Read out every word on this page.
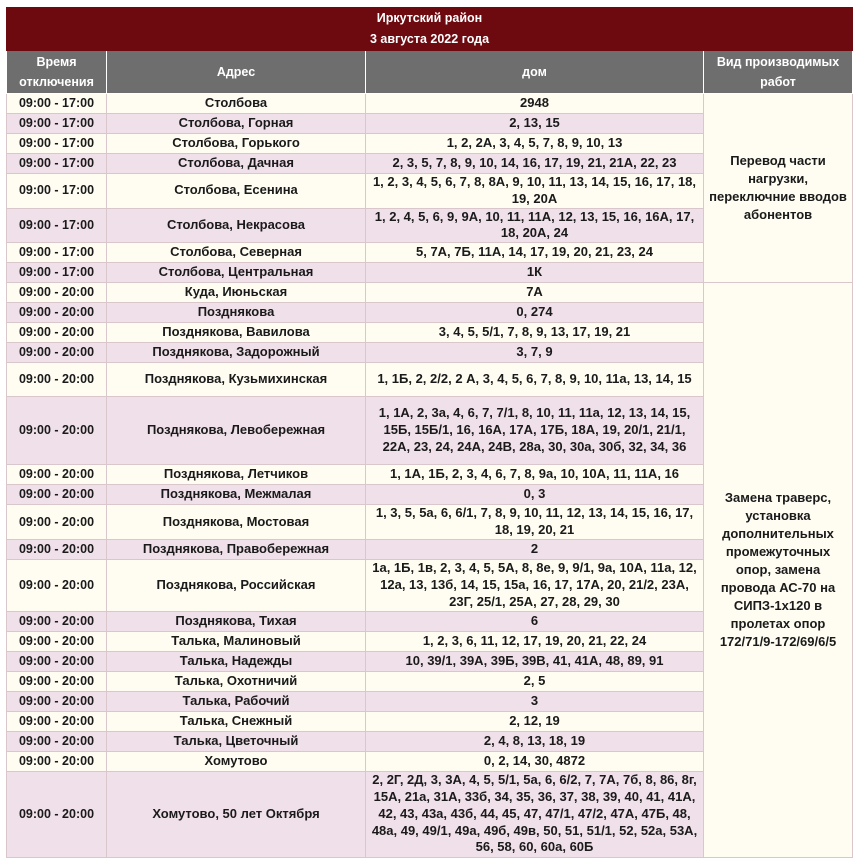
Иркутский район
3 августа 2022 года			

Время отключения	Адрес	дом	Вид производимых работ
09:00 - 17:00	Столбова	2948	Перевод части нагрузки, переключние вводов абонентов
09:00 - 17:00	Столбова, Горная	2, 13, 15	
09:00 - 17:00	Столбова, Горького	1, 2, 2А, 3, 4, 5, 7, 8, 9, 10, 13	
09:00 - 17:00	Столбова, Дачная	2, 3, 5, 7, 8, 9, 10, 14, 16, 17, 19, 21, 21А, 22, 23	
09:00 - 17:00	Столбова, Есенина	1, 2, 3, 4, 5, 6, 7, 8, 8А, 9, 10, 11, 13, 14, 15, 16, 17, 18, 19, 20А	
09:00 - 17:00	Столбова, Некрасова	1, 2, 4, 5, 6, 9, 9А, 10, 11, 11А, 12, 13, 15, 16, 16А, 17, 18, 20А, 24	
09:00 - 17:00	Столбова, Северная	5, 7А, 7Б, 11А, 14, 17, 19, 20, 21, 23, 24	
09:00 - 17:00	Столбова, Центральная	1К	
09:00 - 20:00	Куда, Июньская	7А	Замена траверс, установка дополнительных промежуточных опор, замена провода АС-70 на СИПЗ-1х120 в пролетах опор 172/71/9-172/69/6/5
09:00 - 20:00	Позднякова	0, 274	
09:00 - 20:00	Позднякова, Вавилова	3, 4, 5, 5/1, 7, 8, 9, 13, 17, 19, 21	
09:00 - 20:00	Позднякова, Задорожный	3, 7, 9	
09:00 - 20:00	Позднякова, Кузьмихинская	1, 1Б, 2, 2/2, 2 А, 3, 4, 5, 6, 7, 8, 9, 10, 11а, 13, 14, 15	
09:00 - 20:00	Позднякова, Левобережная	1, 1А, 2, 3а, 4, 6, 7, 7/1, 8, 10, 11, 11а, 12, 13, 14, 15, 15Б, 15Б/1, 16, 16А, 17А, 17Б, 18А, 19, 20/1, 21/1, 22А, 23, 24, 24А, 24В, 28а, 30, 30а, 30б, 32, 34, 36	
09:00 - 20:00	Позднякова, Летчиков	1, 1А, 1Б, 2, 3, 4, 6, 7, 8, 9а, 10, 10А, 11, 11А, 16	
09:00 - 20:00	Позднякова, Межмалая	0, 3	
09:00 - 20:00	Позднякова, Мостовая	1, 3, 5, 5а, 6, 6/1, 7, 8, 9, 10, 11, 12, 13, 14, 15, 16, 17, 18, 19, 20, 21	
09:00 - 20:00	Позднякова, Правобережная	2	
09:00 - 20:00	Позднякова, Российская	1а, 1Б, 1в, 2, 3, 4, 5, 5А, 8, 8е, 9, 9/1, 9а, 10А, 11а, 12, 12а, 13, 13б, 14, 15, 15а, 16, 17, 17А, 20, 21/2, 23А, 23Г, 25/1, 25А, 27, 28, 29, 30	
09:00 - 20:00	Позднякова, Тихая	6	
09:00 - 20:00	Талька, Малиновый	1, 2, 3, 6, 11, 12, 17, 19, 20, 21, 22, 24	
09:00 - 20:00	Талька, Надежды	10, 39/1, 39А, 39Б, 39В, 41, 41А, 48, 89, 91	
09:00 - 20:00	Талька, Охотничий	2, 5	
09:00 - 20:00	Талька, Рабочий	3	
09:00 - 20:00	Талька, Снежный	2, 12, 19	
09:00 - 20:00	Талька, Цветочный	2, 4, 8, 13, 18, 19	
09:00 - 20:00	Хомутово	0, 2, 14, 30, 4872	
09:00 - 20:00	Хомутово, 50 лет Октября	2, 2Г, 2Д, 3, 3А, 4, 5, 5/1, 5а, 6, 6/2, 7, 7А, 7б, 8, 86, 8г, 15А, 21а, 31А, 33б, 34, 35, 36, 37, 38, 39, 40, 41, 41А, 42, 43, 43а, 43б, 44, 45, 47, 47/1, 47/2, 47А, 47Б, 48, 48а, 49, 49/1, 49а, 49б, 49в, 50, 51, 51/1, 52, 52а, 53А, 56, 58, 60, 60а, 60Б	
